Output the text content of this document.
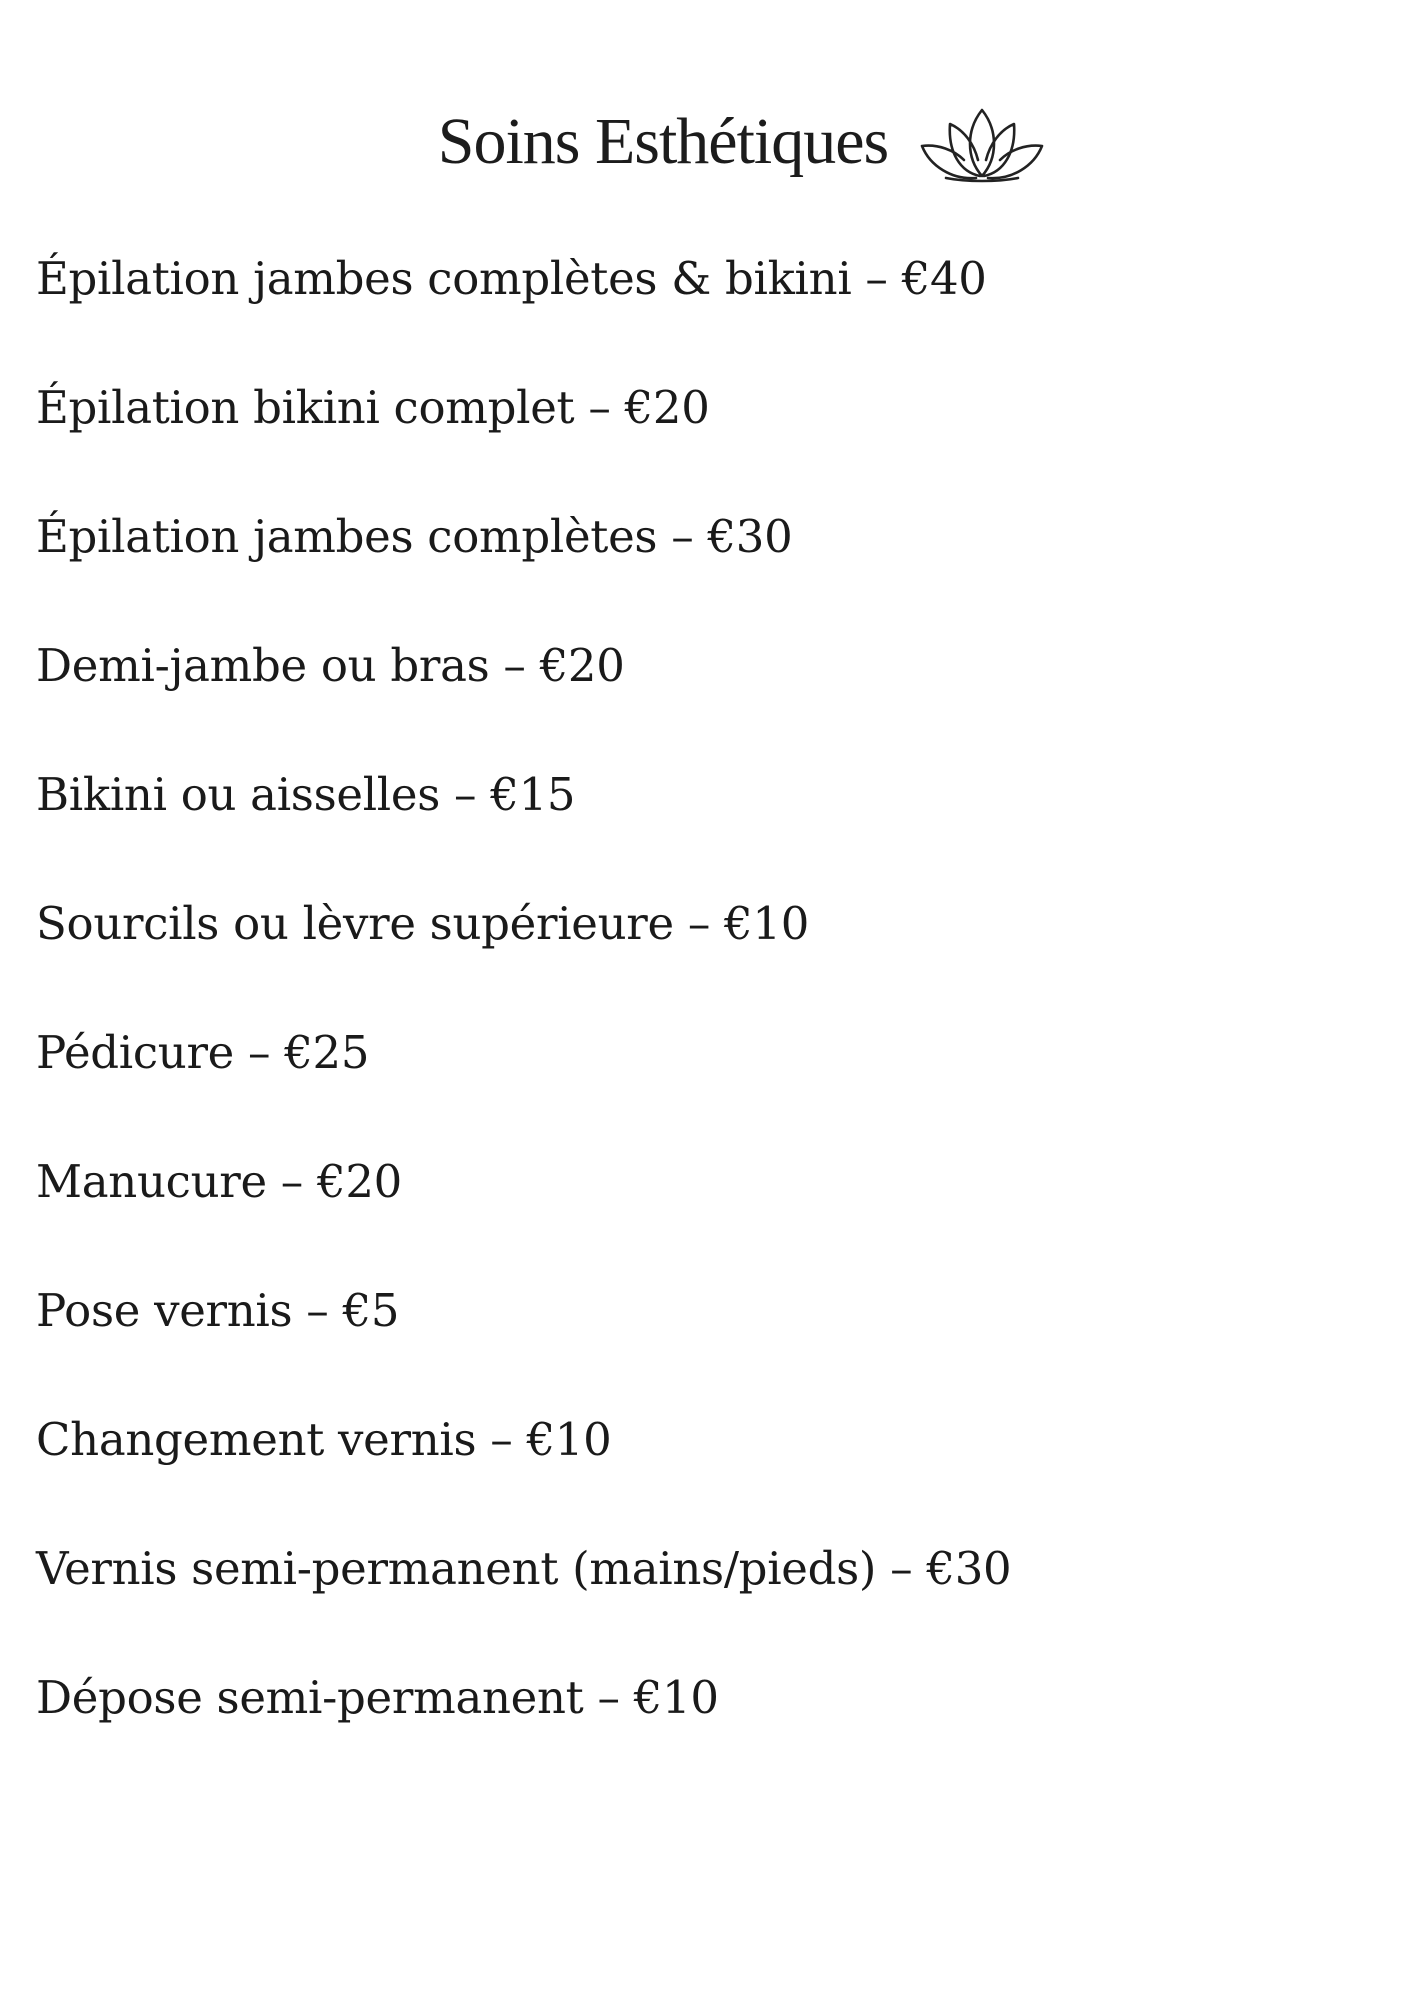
Soins Esthétiques
Épilation jambes complètes & bikini – €40
Épilation bikini complet – €20
Épilation jambes complètes – €30
Demi-jambe ou bras – €20
Bikini ou aisselles – €15
Sourcils ou lèvre supérieure – €10
Pédicure – €25
Manucure – €20
Pose vernis – €5
Changement vernis – €10
Vernis semi-permanent (mains/pieds) – €30
Dépose semi-permanent – €10
